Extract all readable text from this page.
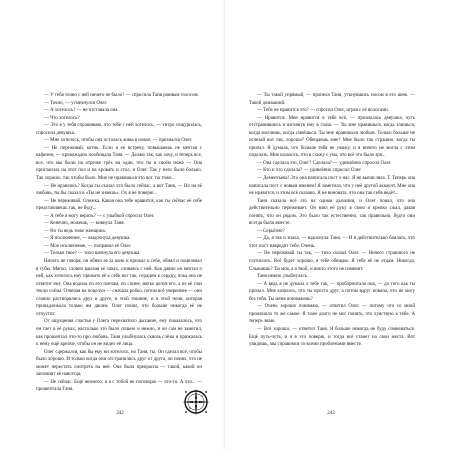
— У тебя точно с ней ничего не было? — спросила Таня ровным голосом.

— Точно, — усмехнулся Олег.

— А хотелось? — не отставала она.

— Что хотелось?

— Это я у тебя спрашиваю, что тебе с ней хотелось, — хитро сощурилась, спросила девушка.

— Мне хотелось, чтобы она осталась жива в новое, — признался Олег.

— Не переживай, котик. Если я ее встречу, повышаешь не мечтая с кафелем, — кровожадно пообещала Таня. — Делаю так, как хочу, и теперь все, все, что мы были на отрезке трёх на один, что ты в своём ноже — Она пригласила на этот пол и на кровать и стол, и Олег. Так у него было больно. Так хорошо, так чтобы было. Мне не нравишься это вот, ты тоже...

— Не нравлюсь? Когда ты сказал что было сейчас, а вот Таня, — Но на её любовь, ты бы сказал в «Ты не знаешь». Ох я не поверю...

— Не переживай. Олежка. Какая она тебе нравится, как ты сейчас её себе представляешь так, не буду...

— А тебе я могу верить? — с улыбкой спросил Олег.

— Конечно, можешь, — кивнула Таня.

— Но ты ведь тоже женщина.

— Я исключение, — выдохнула девушка.

— Мое исключение, — поправил её Олег.

— Только твое? — тихо шепнула его девушка.

Ничего не говоря, он обнял ее за шею и прижал к себе, обнял и поцеловал в губы. Мягко, словно вдыхая её запах, сливаясь с ней. Как давно он мечтал о ней, как хотелось ему прижать её к себе вот так, сердцем к сердцу, пока она не ответит ему. Она водила по его плечам, по спине, мягко целуя его, а из её глаз текли слёзы. Отвечая на поцелуи — сначала робко, потом всё увереннее — они словно растворялись друг в друге, в этой тишине, и в этой ночи, которая принадлежала только им двоим. Олег понял, что больше никогда её не отпустит.

От ощущения счастья у Олега перехватило дыхание, ему показалось, что он тает в её руках, настолько это было сильно и нежно, и он сам не заметил, как прошептал что-то про любовь. Таня улыбнулась сквозь слёзы и прижалась к нему ещё крепче, чтобы он не видел её лица.

Олег сдержался, как бы ему ни хотелось, но Таня, ты. Он сделал всё, чтобы было хорошо. И только когда они отстранились друг от друга, он понял, что не может перестать смотреть на неё. Она была прекрасна — такой, какой он запомнит её навсегда.

— Не сейчас. Ещё немного, и я с тобой не поговорю — что-то. А что... — прошептала Таня.

242

— Ты такой упрямый, — пропела Таня, уткнувшись носом в его шею. — Такой домашний.

— Тебе не нравится это? — спросил Олег, играя с её волосами.

— Нравится. Мне нравится в тебе всё, — призналась девушка, чуть отстранившись и взглянув ему в глаза. — Ты мне нравишься, когда злишься, когда молчишь, когда смеёшься. Ты мне нравишься любым. Только больше не исчезай вот так, хорошо? Обещаешь мне? Мне было так страшно, когда ты пропал. Я думала, что больше тебя не увижу, и я ничего не могла с этим поделать. Мне казалось, что я схожу с ума, что всё это было зря...

— Она сделала это, Олег? Сделала? — удивлённо спросил Олег.

— Кто и что сделала? — удивлённо спросил Олег.

— Дементьева! Это она написала пост о нас. Я не вычисляла. Т. Теперь она написала пост с новым именем! Я заметила, что у неё другой аккаунт. Мне она не нравится, и этим всё сказано. Я не виновата, что она так себя ведёт...

Таня сказала всё это на одном дыхании, и Олег понял, что она действительно переживает. Он взял её руку в свою и крепко сжал, давая понять, что он рядом. Это было так естественно, так правильно, будто они всегда были вместе.

— Серьёзно?

— Да, я так и знала, — вздохнула Таня. — И я действительно боялась, что этот пост навредит тебе. Очень.

— Не переживай ты так, — тихо сказал Олег. — Ничего страшного не случилось. Всё будет хорошо, я тебе обещаю. Я тебе её не отдам. Никогда. Слышишь? Ты моя, а я твой, и никто этого не изменит.

Таня нежно улыбнулась.

— А ведь я не думала о тебе так, — пробормотала она, — до того как ты пропал. Мне казалось, что ты просто друг, а потом вдруг поняла, что не могу без тебя. Ты меня понимаешь?

— Очень хорошо понимаю, — ответил Олег, — потому что со мной произошло то же самое. Я тоже долго не мог понять, что чувствую к тебе. А теперь знаю.

— Всё хорошо, — ответил Таня. Я больше никогда не буду сомневаться. Ещё чуть-чуть, и я в это поверю, и тогда всё станет на свои места. Вот увидишь, мы справимся со всеми проблемами вместе.

243
